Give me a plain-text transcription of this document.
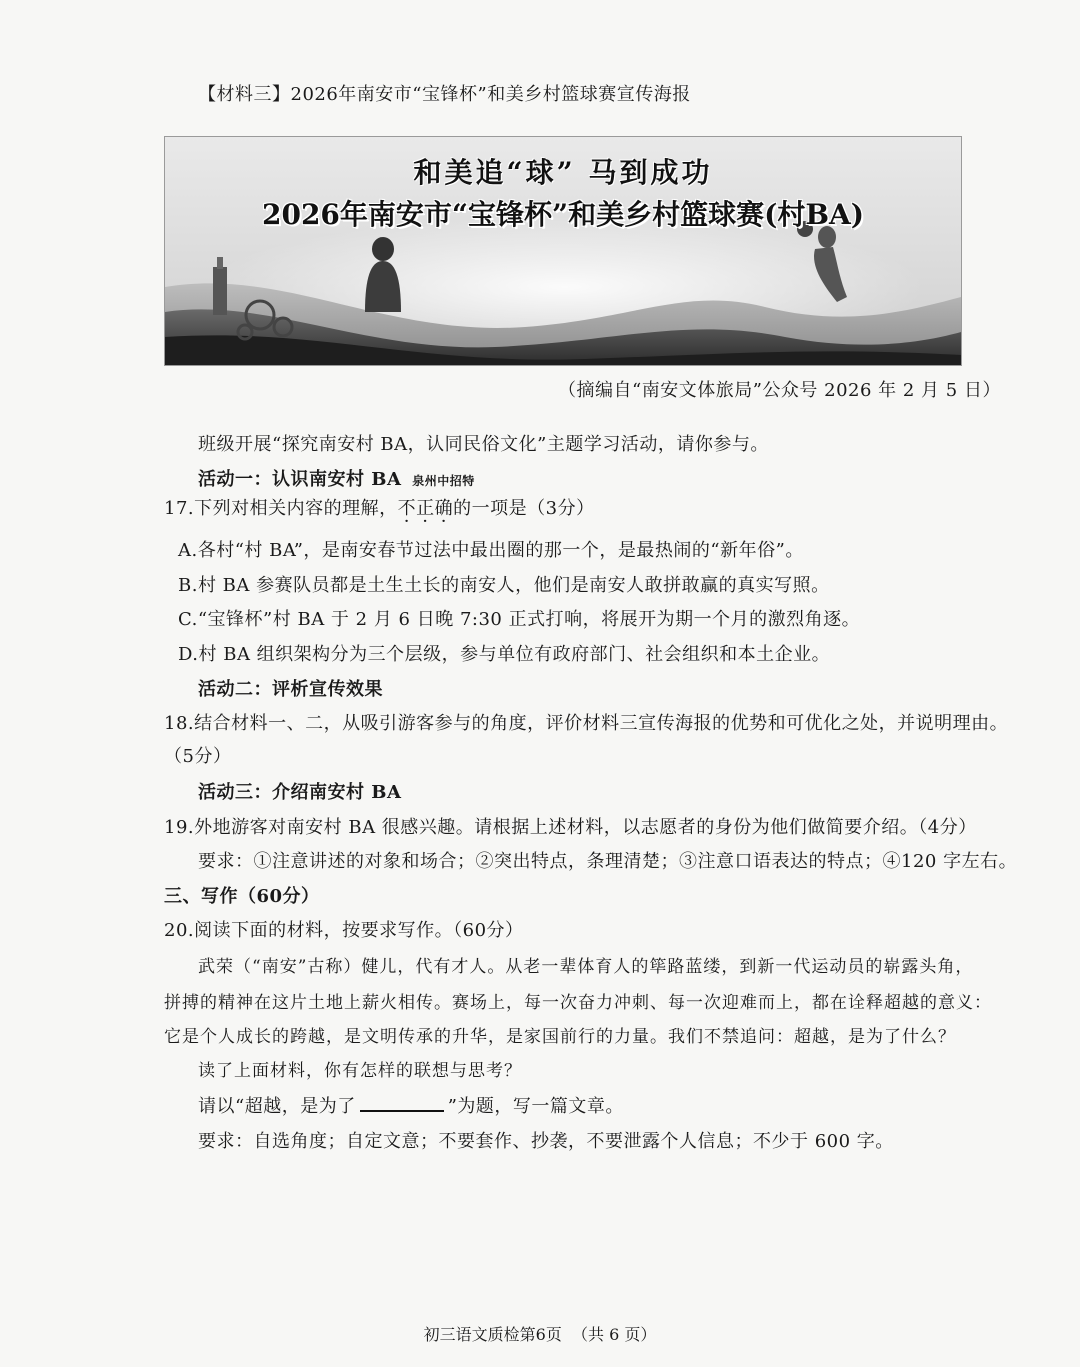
【材料三】2026年南安市“宝锋杯”和美乡村篮球赛宣传海报
和美追“球” 马到成功
2026年南安市“宝锋杯”和美乡村篮球赛(村BA)
（摘编自“南安文体旅局”公众号 2026 年 2 月 5 日）
班级开展“探究南安村 BA，认同民俗文化”主题学习活动，请你参与。
活动一：认识南安村 BA 泉州中招特
17.下列对相关内容的理解，不正确的一项是（3分）
A.各村“村 BA”，是南安春节过法中最出圈的那一个，是最热闹的“新年俗”。
B.村 BA 参赛队员都是土生土长的南安人，他们是南安人敢拼敢赢的真实写照。
C.“宝锋杯”村 BA 于 2 月 6 日晚 7:30 正式打响，将展开为期一个月的激烈角逐。
D.村 BA 组织架构分为三个层级，参与单位有政府部门、社会组织和本土企业。
活动二：评析宣传效果
18.结合材料一、二，从吸引游客参与的角度，评价材料三宣传海报的优势和可优化之处，并说明理由。
（5分）
活动三：介绍南安村 BA
19.外地游客对南安村 BA 很感兴趣。请根据上述材料，以志愿者的身份为他们做简要介绍。（4分）
要求：①注意讲述的对象和场合；②突出特点，条理清楚；③注意口语表达的特点；④120 字左右。
三、写作（60分）
20.阅读下面的材料，按要求写作。（60分）
武荣（“南安”古称）健儿，代有才人。从老一辈体育人的筚路蓝缕，到新一代运动员的崭露头角，
拼搏的精神在这片土地上薪火相传。赛场上，每一次奋力冲刺、每一次迎难而上，都在诠释超越的意义：
它是个人成长的跨越，是文明传承的升华，是家国前行的力量。我们不禁追问：超越，是为了什么？
读了上面材料，你有怎样的联想与思考？
请以“超越，是为了	”为题，写一篇文章。
要求：自选角度；自定文意；不要套作、抄袭，不要泄露个人信息；不少于 600 字。
初三语文质检第6页  （共 6 页）
